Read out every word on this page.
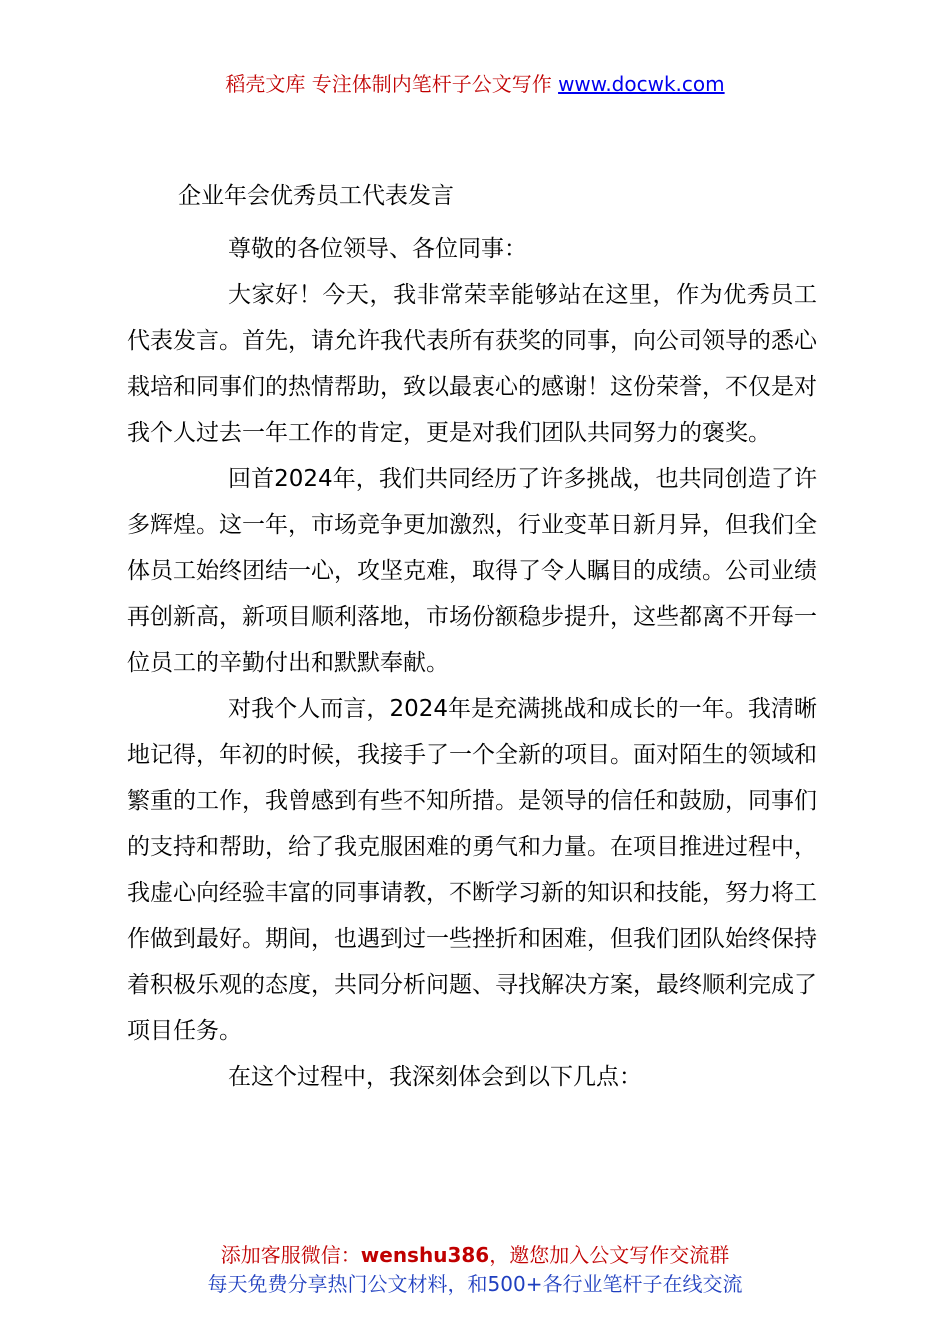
稻壳文库 专注体制内笔杆子公文写作 www.docwk.com
企业年会优秀员工代表发言

尊敬的各位领导、各位同事：

大家好！今天，我非常荣幸能够站在这里，作为优秀员工代表发言。首先，请允许我代表所有获奖的同事，向公司领导的悉心栽培和同事们的热情帮助，致以最衷心的感谢！这份荣誉，不仅是对我个人过去一年工作的肯定，更是对我们团队共同努力的褒奖。

回首2024年，我们共同经历了许多挑战，也共同创造了许多辉煌。这一年，市场竞争更加激烈，行业变革日新月异，但我们全体员工始终团结一心，攻坚克难，取得了令人瞩目的成绩。公司业绩再创新高，新项目顺利落地，市场份额稳步提升，这些都离不开每一位员工的辛勤付出和默默奉献。

对我个人而言，2024年是充满挑战和成长的一年。我清晰地记得，年初的时候，我接手了一个全新的项目。面对陌生的领域和繁重的工作，我曾感到有些不知所措。是领导的信任和鼓励，同事们的支持和帮助，给了我克服困难的勇气和力量。在项目推进过程中，我虚心向经验丰富的同事请教，不断学习新的知识和技能，努力将工作做到最好。期间，也遇到过一些挫折和困难，但我们团队始终保持着积极乐观的态度，共同分析问题、寻找解决方案，最终顺利完成了项目任务。

在这个过程中，我深刻体会到以下几点：

添加客服微信：wenshu386，邀您加入公文写作交流群
每天免费分享热门公文材料，和500+各行业笔杆子在线交流
